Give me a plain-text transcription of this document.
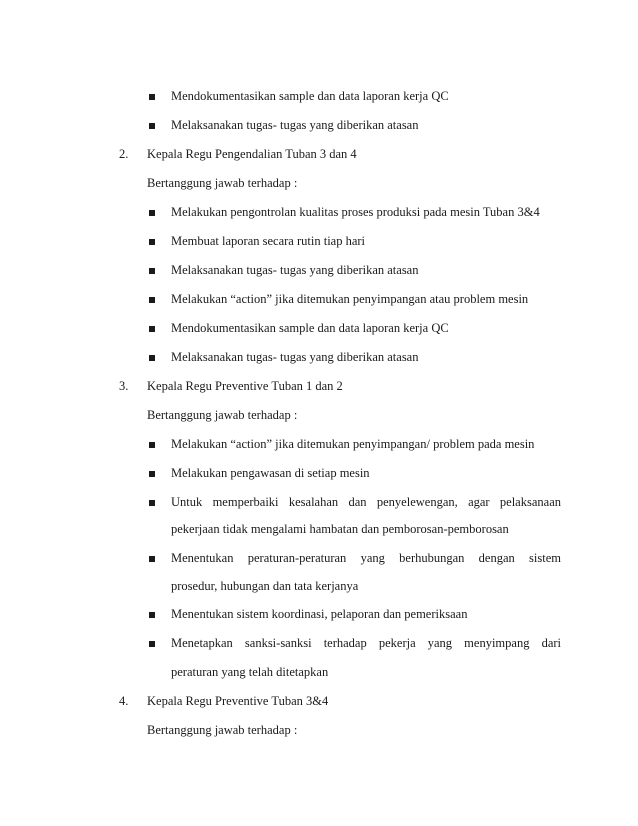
Mendokumentasikan sample dan data laporan kerja QC
Melaksanakan tugas- tugas yang diberikan atasan
2. Kepala Regu Pengendalian Tuban 3 dan 4
Bertanggung jawab terhadap :
Melakukan pengontrolan kualitas proses produksi pada mesin Tuban 3&4
Membuat laporan secara rutin tiap hari
Melaksanakan tugas- tugas yang diberikan atasan
Melakukan “action” jika ditemukan penyimpangan atau problem mesin
Mendokumentasikan sample dan data laporan kerja QC
Melaksanakan tugas- tugas yang diberikan atasan
3. Kepala Regu Preventive Tuban 1 dan 2
Bertanggung jawab terhadap :
Melakukan “action” jika ditemukan penyimpangan/ problem pada mesin
Melakukan pengawasan di setiap mesin
Untuk memperbaiki kesalahan dan penyelewengan, agar pelaksanaan
pekerjaan tidak mengalami hambatan dan pemborosan-pemborosan
Menentukan peraturan-peraturan yang berhubungan dengan sistem
prosedur, hubungan dan tata kerjanya
Menentukan sistem koordinasi, pelaporan dan pemeriksaan
Menetapkan sanksi-sanksi terhadap pekerja yang menyimpang dari
peraturan yang telah ditetapkan
4. Kepala Regu Preventive Tuban 3&4
Bertanggung jawab terhadap :
